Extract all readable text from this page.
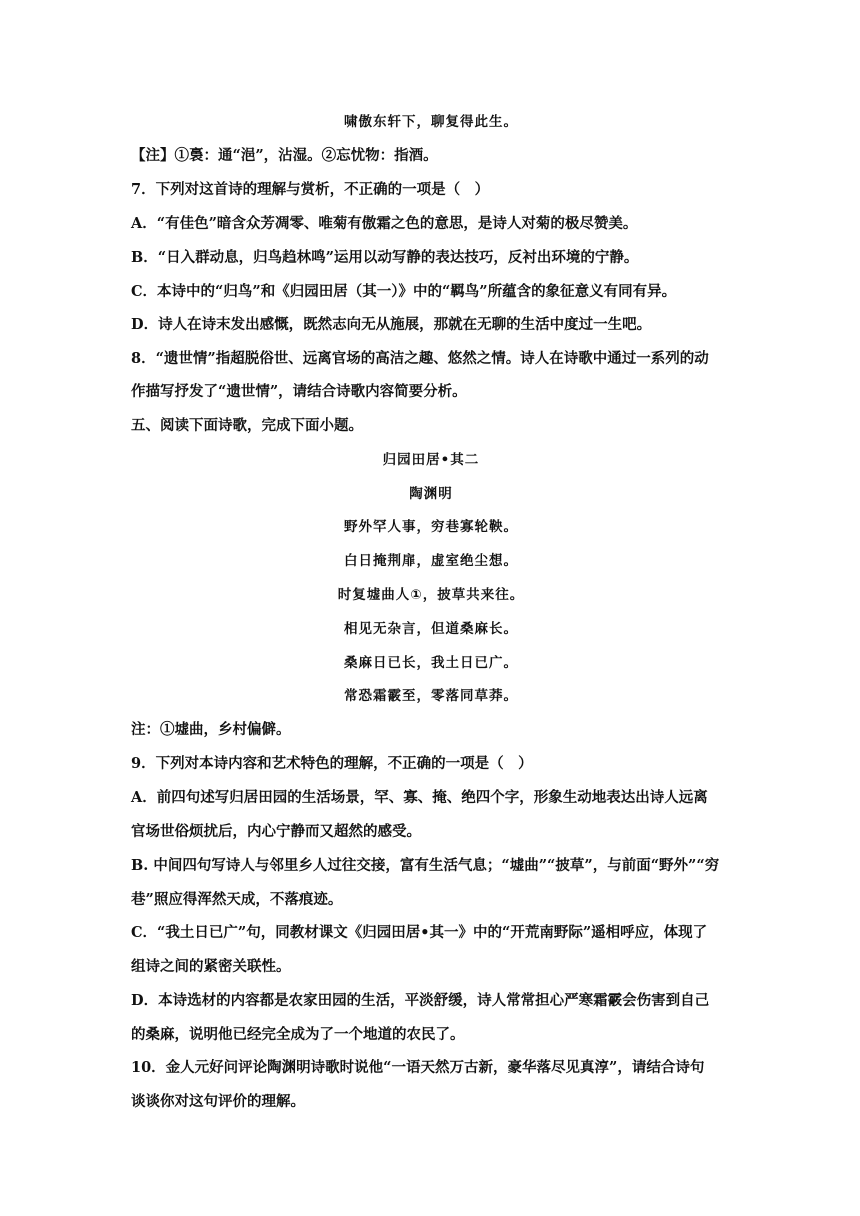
啸傲东轩下，聊复得此生。
【注】①裛：通“浥”，沾湿。②忘忧物：指酒。
7．下列对这首诗的理解与赏析，不正确的一项是（　）
A．“有佳色”暗含众芳凋零、唯菊有傲霜之色的意思，是诗人对菊的极尽赞美。
B．“日入群动息，归鸟趋林鸣”运用以动写静的表达技巧，反衬出环境的宁静。
C．本诗中的“归鸟”和《归园田居（其一）》中的“羁鸟”所蕴含的象征意义有同有异。
D．诗人在诗末发出感慨，既然志向无从施展，那就在无聊的生活中度过一生吧。
8．“遗世情”指超脱俗世、远离官场的高洁之趣、悠然之情。诗人在诗歌中通过一系列的动
作描写抒发了“遗世情”，请结合诗歌内容简要分析。
五、阅读下面诗歌，完成下面小题。
归园田居•其二
陶渊明
野外罕人事，穷巷寡轮鞅。
白日掩荆扉，虚室绝尘想。
时复墟曲人①，披草共来往。
相见无杂言，但道桑麻长。
桑麻日已长，我土日已广。
常恐霜霰至，零落同草莽。
注：①墟曲，乡村偏僻。
9．下列对本诗内容和艺术特色的理解，不正确的一项是（　）
A．前四句述写归居田园的生活场景，罕、寡、掩、绝四个字，形象生动地表达出诗人远离
官场世俗烦扰后，内心宁静而又超然的感受。
B. 中间四句写诗人与邻里乡人过往交接，富有生活气息；“墟曲”“披草”，与前面“野外”“穷
巷”照应得浑然天成，不落痕迹。
C．“我土日已广”句，同教材课文《归园田居•其一》中的“开荒南野际”遥相呼应，体现了
组诗之间的紧密关联性。
D．本诗选材的内容都是农家田园的生活，平淡舒缓，诗人常常担心严寒霜霰会伤害到自己
的桑麻，说明他已经完全成为了一个地道的农民了。
10．金人元好问评论陶渊明诗歌时说他“一语天然万古新，豪华落尽见真淳”，请结合诗句
谈谈你对这句评价的理解。
